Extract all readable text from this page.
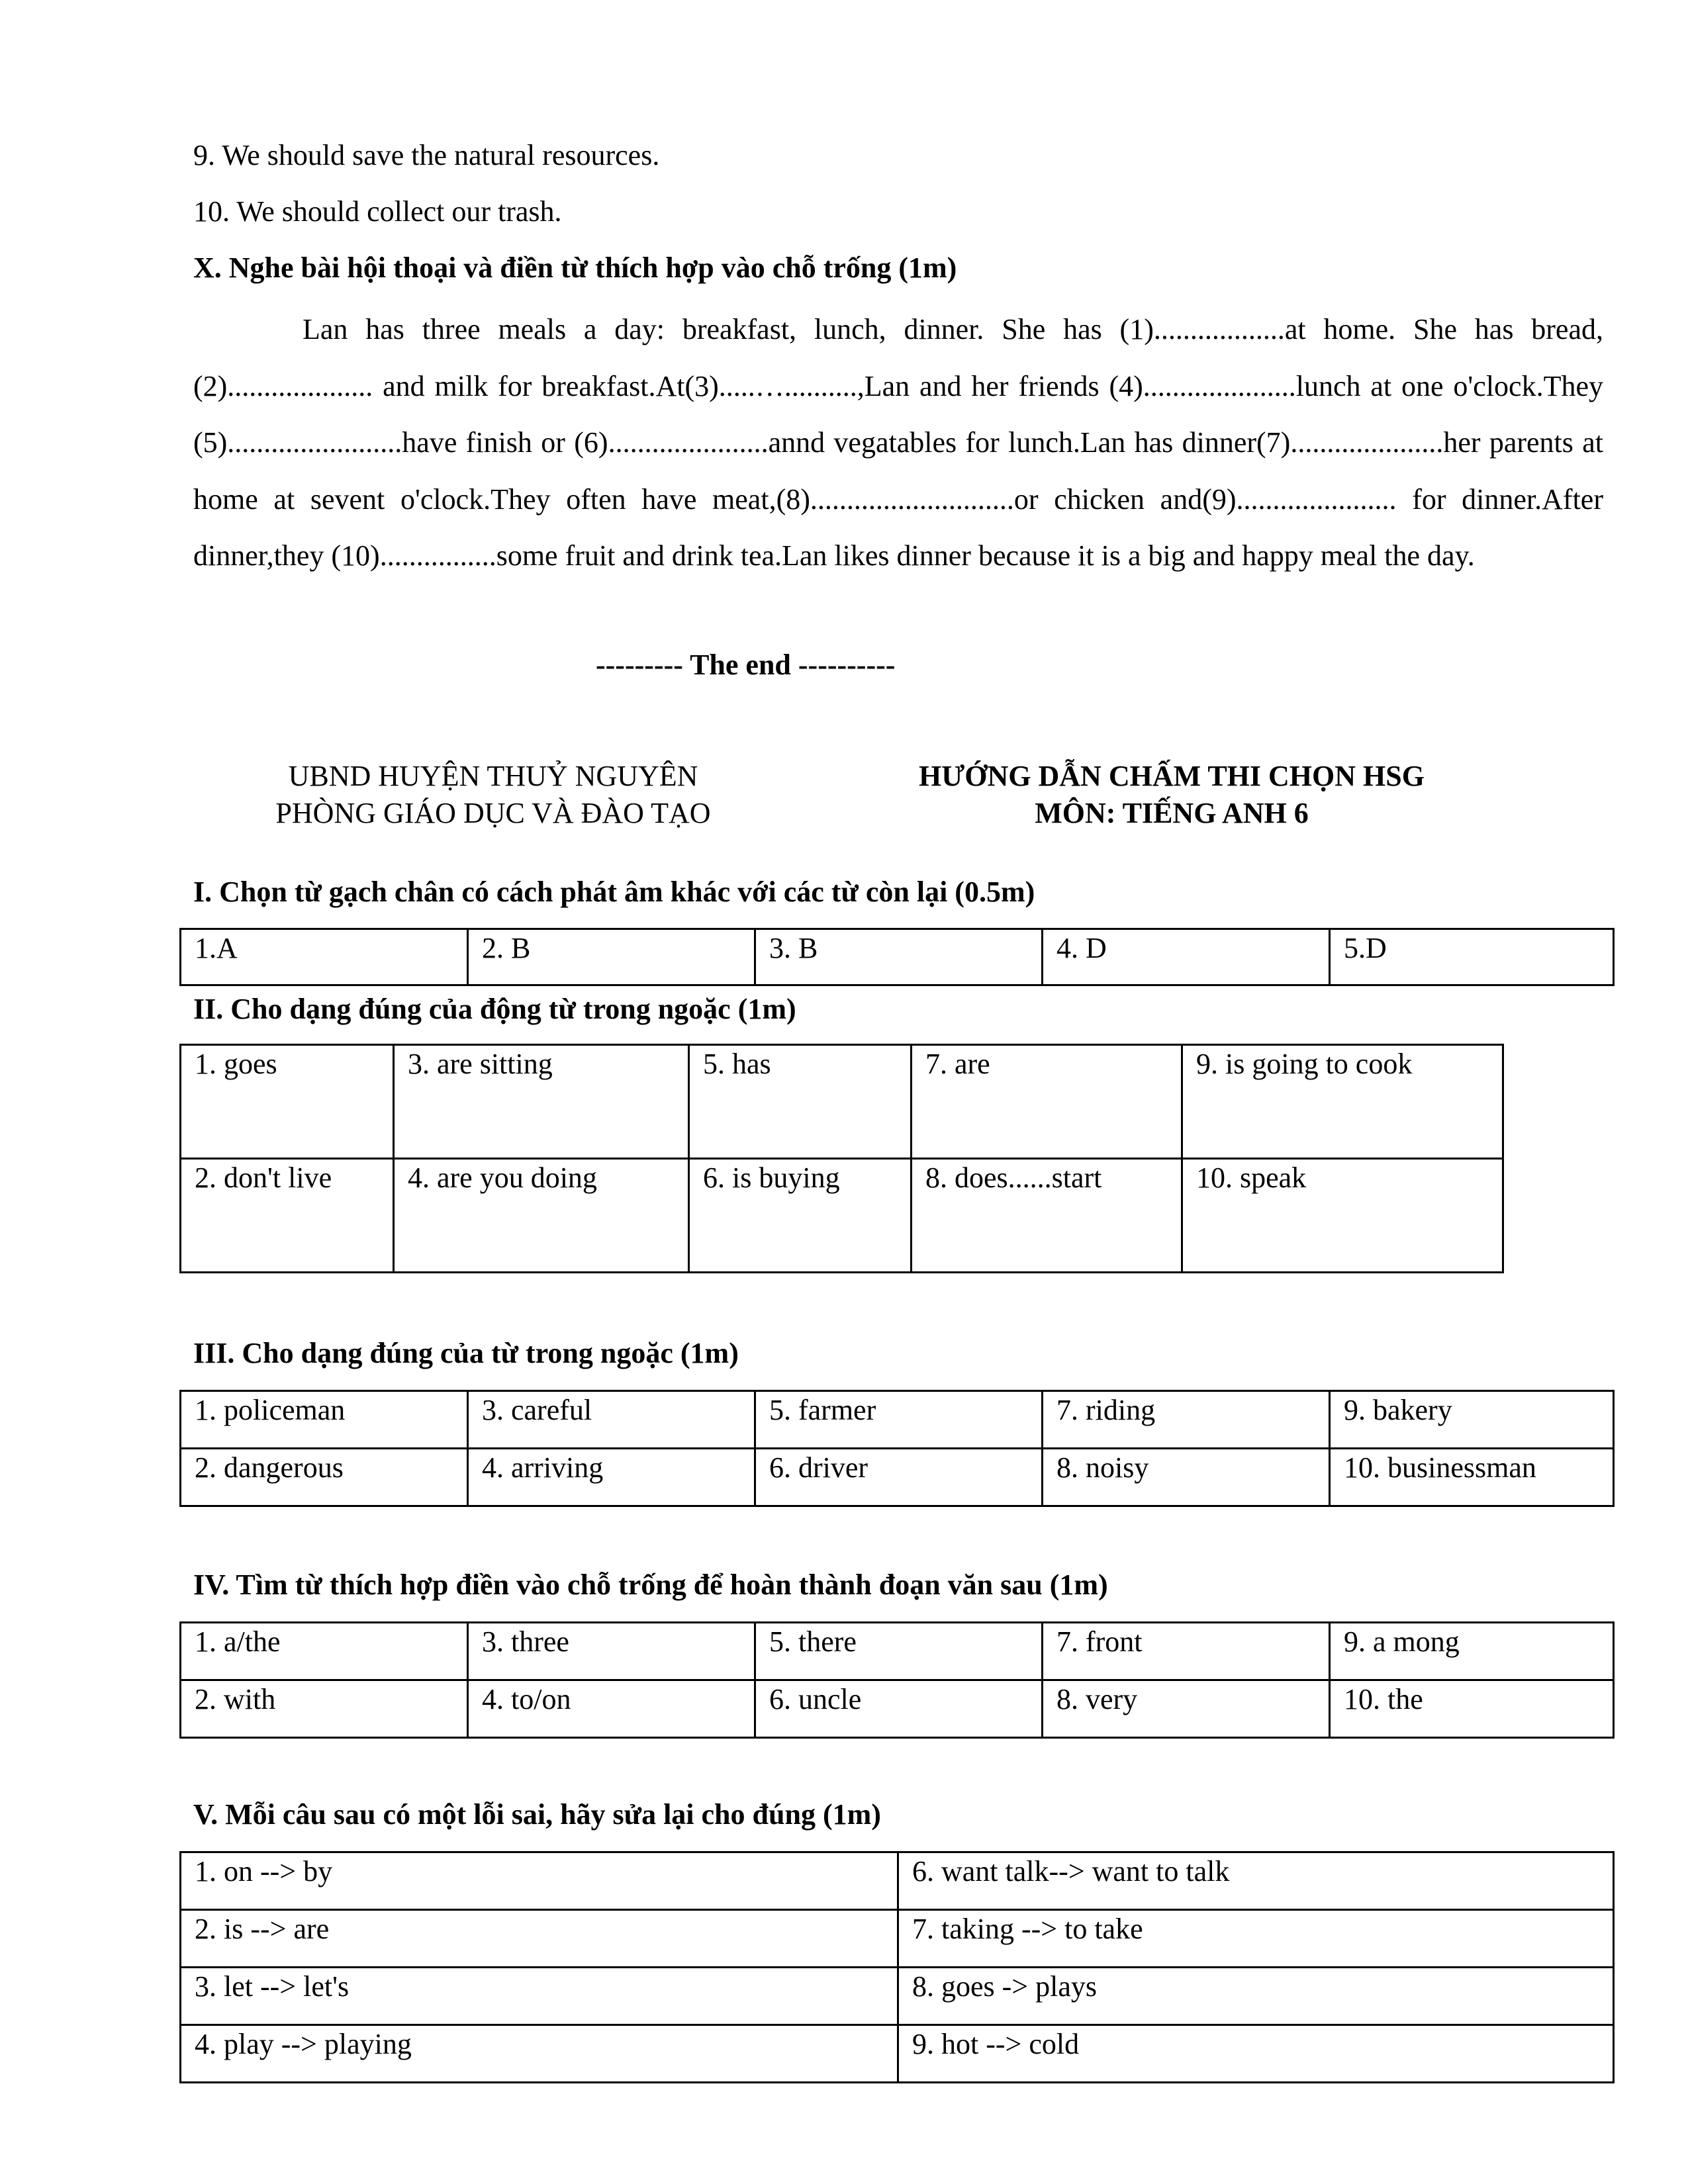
9. We should save the natural resources.
10. We should collect our trash.
X. Nghe bài hội thoại và điền từ thích hợp vào chỗ trống (1m)
Lan has three meals a day: breakfast, lunch, dinner. She has (1)..................at home. She has bread,(2).................... and milk for breakfast.At(3).....…..........,Lan and her friends (4).....................lunch at one o'clock.They (5)........................have finish or (6)......................annd vegatables for lunch.Lan has dinner(7).....................her parents at home at sevent o'clock.They often have meat,(8)............................or chicken and(9)...................... for dinner.After dinner,they (10)................some fruit and drink tea.Lan likes dinner because it is a big and happy meal the day.
--------- The end ----------
UBND HUYỆN THUỶ NGUYÊN
PHÒNG GIÁO DỤC VÀ ĐÀO TẠO
HƯỚNG DẪN CHẤM THI CHỌN HSG
MÔN: TIẾNG ANH 6
I. Chọn từ gạch chân có cách phát âm khác với các từ còn lại (0.5m)
1.A	2. B	3. B	4. D	5.D
II. Cho dạng đúng của động từ trong ngoặc (1m)
1. goes	3. are sitting	5. has	7. are	9. is going to cook
2. don't live	4. are you doing	6. is buying	8. does......start	10. speak
III. Cho dạng đúng của từ trong ngoặc (1m)
1. policeman	3. careful	5. farmer	7. riding	9. bakery
2. dangerous	4. arriving	6. driver	8. noisy	10. businessman
IV. Tìm từ thích hợp điền vào chỗ trống để hoàn thành đoạn văn sau (1m)
1. a/the	3. three	5. there	7. front	9. a mong
2. with	4. to/on	6. uncle	8. very	10. the
V. Mỗi câu sau có một lỗi sai, hãy sửa lại cho đúng (1m)
1. on --> by	6. want talk--> want to talk
2. is --> are	7. taking --> to take
3. let --> let's	8. goes -> plays
4. play --> playing	9. hot --> cold
